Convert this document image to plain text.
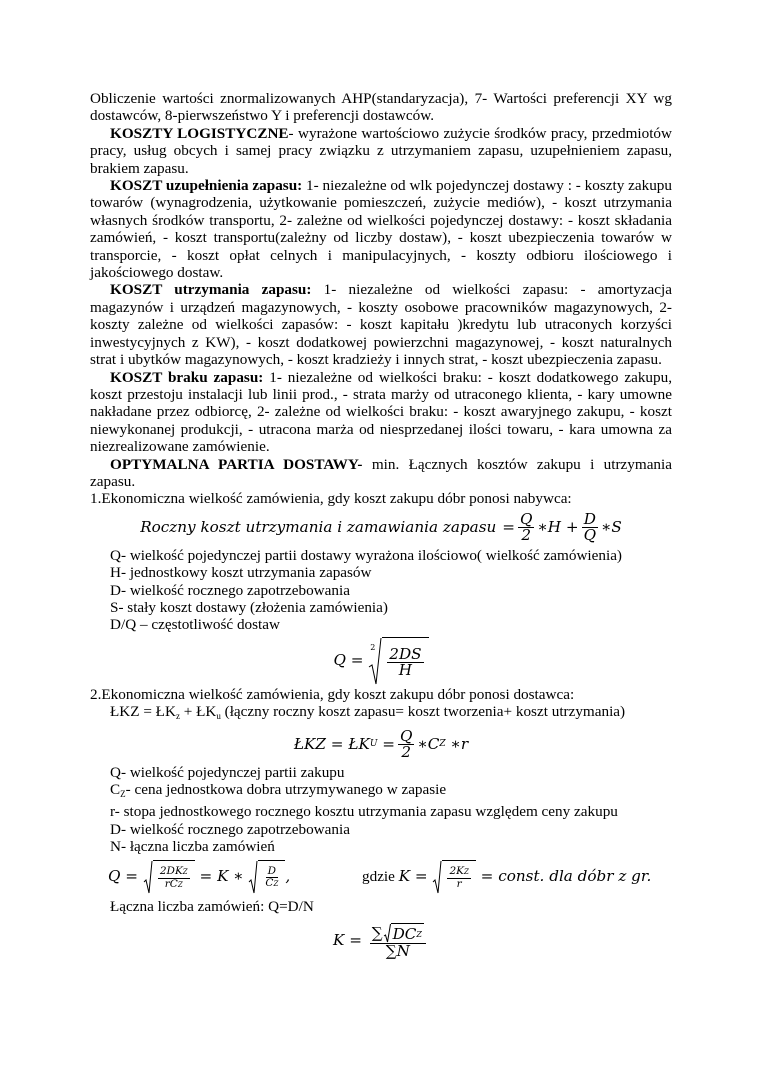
Obliczenie wartości znormalizowanych AHP(standaryzacja), 7- Wartości preferencji XY wg dostawców, 8-pierwszeństwo Y i preferencji dostawców.

KOSZTY LOGISTYCZNE- wyrażone wartościowo zużycie środków pracy, przedmiotów pracy, usług obcych i samej pracy związku z utrzymaniem zapasu, uzupełnieniem zapasu, brakiem zapasu.

KOSZT uzupełnienia zapasu: 1- niezależne od wlk pojedynczej dostawy : - koszty zakupu towarów (wynagrodzenia, użytkowanie pomieszczeń, zużycie mediów), - koszt utrzymania własnych środków transportu, 2- zależne od wielkości pojedynczej dostawy: - koszt składania zamówień, - koszt transportu(zależny od liczby dostaw), - koszt ubezpieczenia towarów w transporcie, - koszt opłat celnych i manipulacyjnych, - koszty odbioru ilościowego i jakościowego dostaw.

KOSZT utrzymania zapasu: 1- niezależne od wielkości zapasu: - amortyzacja magazynów i urządzeń magazynowych, - koszty osobowe pracowników magazynowych, 2- koszty zależne od wielkości zapasów: - koszt kapitału )kredytu lub utraconych korzyści inwestycyjnych z KW), - koszt dodatkowej powierzchni magazynowej, - koszt naturalnych strat i ubytków magazynowych, - koszt kradzieży i innych strat, - koszt ubezpieczenia zapasu.

KOSZT braku zapasu: 1- niezależne od wielkości braku: - koszt dodatkowego zakupu, koszt przestoju instalacji lub linii prod., - strata marży od utraconego klienta, - kary umowne nakładane przez odbiorcę, 2- zależne od wielkości braku: - koszt awaryjnego zakupu, - koszt niewykonanej produkcji, - utracona marża od niesprzedanej ilości towaru, - kara umowna za niezrealizowane zamówienie.

OPTYMALNA PARTIA DOSTAWY- min. Łącznych kosztów zakupu i utrzymania zapasu.

1.Ekonomiczna wielkość zamówienia, gdy koszt zakupu dóbr ponosi nabywca:

Roczny koszt utrzymania i zamawiania zapasu = $\frac{Q}{2}$ ∗ $H + \frac{D}{Q}$ ∗ S

Q- wielkość pojedynczej partii dostawy wyrażona ilościowo( wielkość zamówienia)

H- jednostkowy koszt utrzymania zapasów

D- wielkość rocznego zapotrzebowania

S- stały koszt dostawy (złożenia zamówienia)

D/Q – częstotliwość dostaw

Q =
$2 \frac{2DS}{H}$

2.Ekonomiczna wielkość zamówienia, gdy koszt zakupu dóbr ponosi dostawca:

ŁKZ = $ŁK_z$ + $ŁK_u$ (łączny roczny koszt zapasu= koszt tworzenia+ koszt utrzymania)

ŁKZ = ŁK $U = \frac{Q}{2}$ ∗ C Z ∗ r

Q- wielkość pojedynczej partii zakupu

$C_Z-$ cena jednostkowa dobra utrzymywanego w zapasie

r- stopa jednostkowego rocznego kosztu utrzymania zapasu względem ceny zakupu

D- wielkość rocznego zapotrzebowania

N- łączna liczba zamówień

$Q = \frac{\text{2DKZ}}{\text{rCZ}} = K$ ∗ $\frac{D}{CZ}$ ,	gdzie
$K = \frac{2KZ}{r}$ = const. dla dóbr z gr.

Łączna liczba zamówień: Q=D/N

$K = \frac{\text{∑ DC Z}}{\sum N}$
